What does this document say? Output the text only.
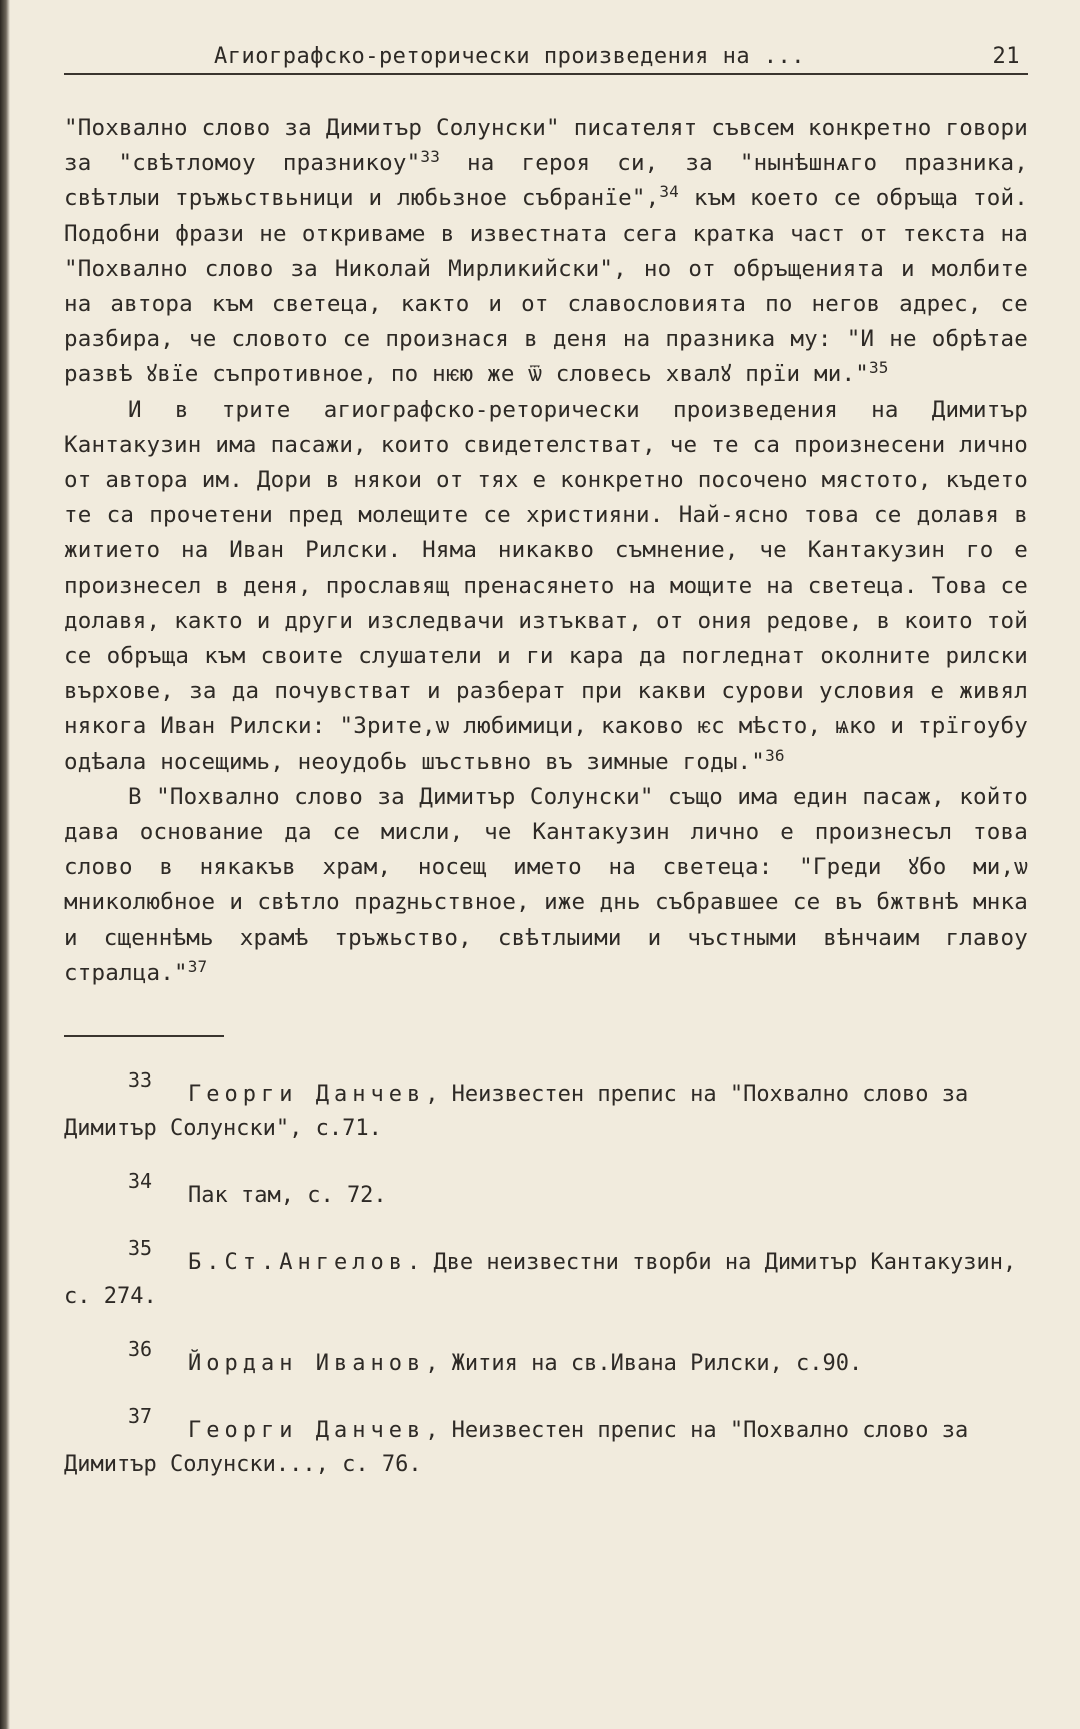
Агиографско-реторически произведения на ...	21

"Похвално слово за Димитър Солунски" писателят съвсем конкретно говори за "свѣтломоу празникоу"$^{33}$ на героя си, за "нынѣшнѧго празника, свѣтлыи тръжьствьници и любьзное събранїе",$^{34}$ към което се обръща той. Подобни фрази не откриваме в известната сега кратка част от текста на "Похвално слово за Николай Мирликийски", но от обръщенията и молбите на автора към светеца, както и от славословията по негов адрес, се разбира, че словото се произнася в деня на празника му: "И не обрѣтае развѣ ꙋвїе съпротивное, по нѥю же ѿ словесь хвалꙋ прїи ми."$^{35}$

И в трите агиографско-реторически произведения на Димитър Кантакузин има пасажи, които свидетелстват, че те са произнесени лично от автора им. Дори в някои от тях е конкретно посочено мястото, където те са прочетени пред молещите се християни. Най-ясно това се долавя в житието на Иван Рилски. Няма никакво съмнение, че Кантакузин го е произнесел в деня, прославящ пренасянето на мощите на светеца. Това се долавя, както и други изследвачи изтъкват, от ония редове, в които той се обръща към своите слушатели и ги кара да погледнат околните рилски върхове, за да почувстват и разберат при какви сурови условия е живял някога Иван Рилски: "Зрите,ѡ любимици, каково ѥс мѣсто, ѩко и трїгоубу одѣала носещимь, неоудобь шъстьвно въ зимные годы."$^{36}$

В "Похвално слово за Димитър Солунски" също има един пасаж, който дава основание да се мисли, че Кантакузин лично е произнесъл това слово в някакъв храм, носещ името на светеца: "Греди ꙋбо ми,ѡ мниколюбное и свѣтло праꙁньствное, иже днь събравшее се въ бжтвнѣ мнка и сщеннѣмь храмѣ тръжьство, свѣтлыими и чъстными вѣнчаим главоу стралца."$^{37}$

33Георги Данчев, Неизвестен препис на "Похвално слово за Димитър Солунски", с.71.
34Пак там, с. 72.
35Б.Ст.Ангелов. Две неизвестни творби на Димитър Кантакузин, с. 274.
36Йордан Иванов, Жития на св.Ивана Рилски, с.90.
37Георги Данчев, Неизвестен препис на "Похвално слово за Димитър Солунски..., с. 76.
